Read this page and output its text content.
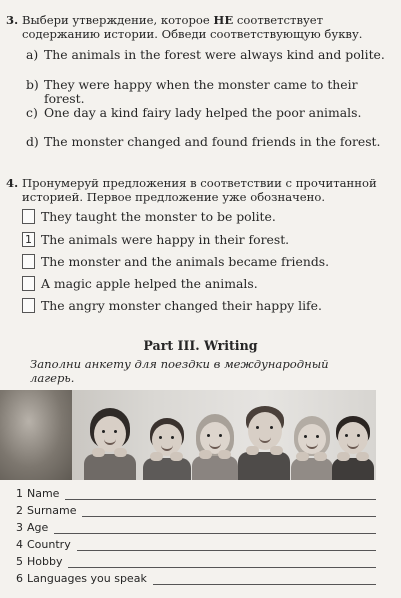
3. Выбери утверждение, которое НЕ соответствует содержанию истории. Обведи соответствующую букву.
a) The animals in the forest were always kind and polite.
b) They were happy when the monster came to their forest.
c) One day a kind fairy lady helped the poor animals.
d) The monster changed and found friends in the forest.
4. Пронумеруй предложения в соответствии с прочитанной историей. Первое предложение уже обозначено.
They taught the monster to be polite.
1 The animals were happy in their forest.
The monster and the animals became friends.
A magic apple helped the animals.
The angry monster changed their happy life.
Part III. Writing
Заполни анкету для поездки в международный лагерь.
1 Name
2 Surname
3 Age
4 Country
5 Hobby
6 Languages you speak
